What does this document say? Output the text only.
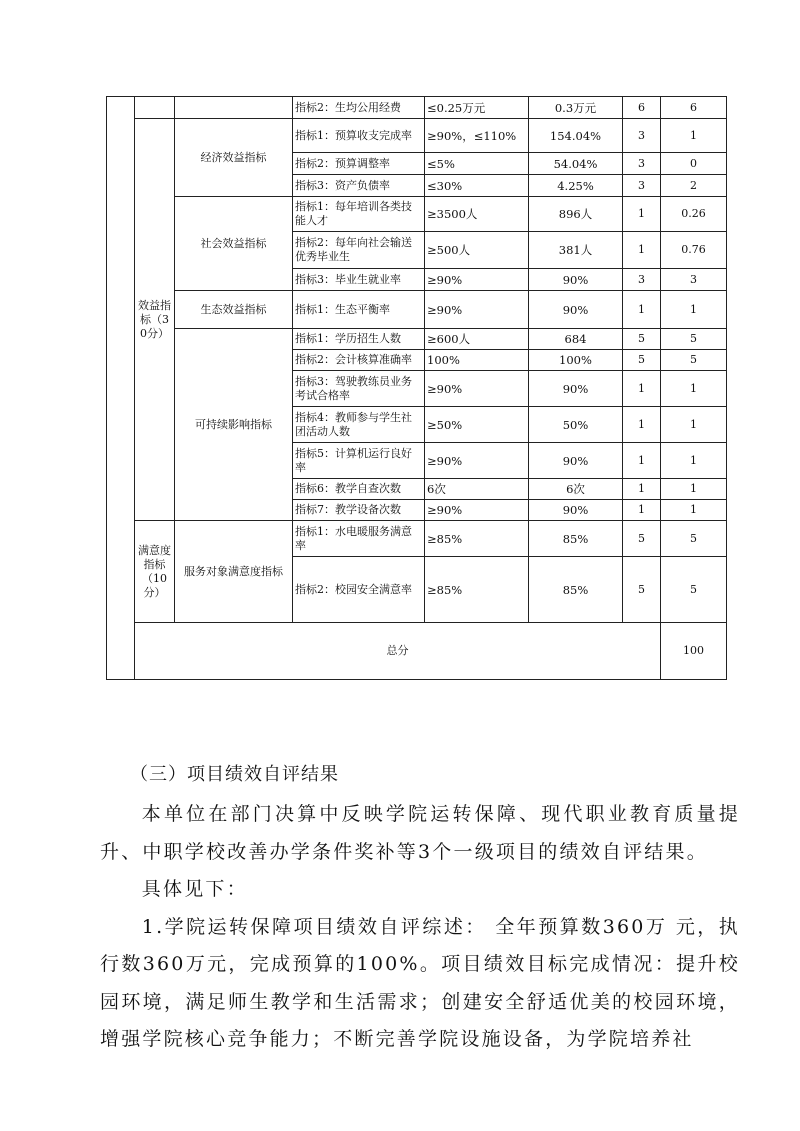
			指标2：生均公用经费	≤0.25万元	0.3万元	6	6	
	效益指标（30分）	经济效益指标	指标1：预算收支完成率	≥90%，≤110%	154.04%	3	1	
			指标2：预算调整率	≤5%	54.04%	3	0	
			指标3：资产负债率	≤30%	4.25%	3	2	
		社会效益指标	指标1：每年培训各类技能人才	≥3500人	896人	1	0.26	
			指标2：每年向社会输送优秀毕业生	≥500人	381人	1	0.76	
			指标3：毕业生就业率	≥90%	90%	3	3	
		生态效益指标	指标1：生态平衡率	≥90%	90%	1	1	
		可持续影响指标	指标1：学历招生人数	≥600人	684	5	5	
			指标2：会计核算准确率	100%	100%	5	5	
			指标3：驾驶教练员业务考试合格率	≥90%	90%	1	1	
			指标4：教师参与学生社团活动人数	≥50%	50%	1	1	
			指标5：计算机运行良好率	≥90%	90%	1	1	
			指标6：教学自查次数	6次	6次	1	1	
			指标7：教学设备次数	≥90%	90%	1	1	
	满意度指标（10分）	服务对象满意度指标	指标1：水电暖服务满意率	≥85%	85%	5	5	
			指标2：校园安全满意率	≥85%	85%	5	5	
	总分						100	
（三）项目绩效自评结果

本单位在部门决算中反映学院运转保障、现代职业教育质量提升、中职学校改善办学条件奖补等3个一级项目的绩效自评结果。

具体见下：

1.学院运转保障项目绩效自评综述： 全年预算数360万 元，执行数360万元，完成预算的100%。项目绩效目标完成情况：提升校园环境，满足师生教学和生活需求；创建安全舒适优美的校园环境，增强学院核心竞争能力；不断完善学院设施设备，为学院培养社
